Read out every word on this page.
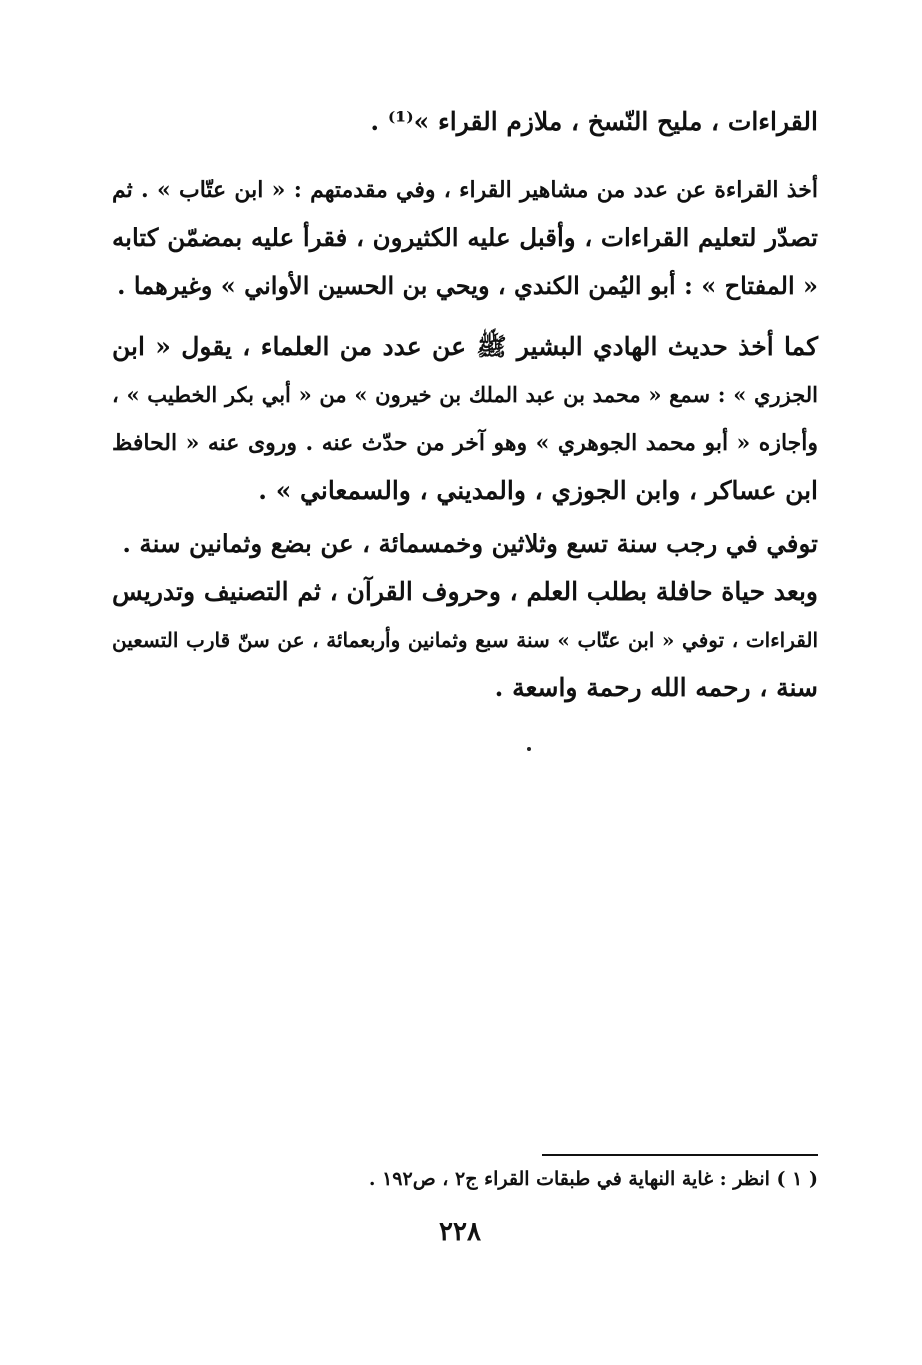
القراءات ، مليح النّسخ ، ملازم القراء »⁽¹⁾ .
أخذ القراءة عن عدد من مشاهير القراء ، وفي مقدمتهم : « ابن عتّاب » . ثم
تصدّر لتعليم القراءات ، وأقبل عليه الكثيرون ، فقرأ عليه بمضمّن كتابه
« المفتاح » : أبو اليُمن الكندي ، ويحي بن الحسين الأواني » وغيرهما .
كما أخذ حديث الهادي البشير ﷺ عن عدد من العلماء ، يقول « ابن
الجزري » : سمع « محمد بن عبد الملك بن خيرون » من « أبي بكر الخطيب » ،
وأجازه « أبو محمد الجوهري » وهو آخر من حدّث عنه . وروى عنه « الحافظ
ابن عساكر ، وابن الجوزي ، والمديني ، والسمعاني » .
توفي في رجب سنة تسع وثلاثين وخمسمائة ، عن بضع وثمانين سنة .
وبعد حياة حافلة بطلب العلم ، وحروف القرآن ، ثم التصنيف وتدريس
القراءات ، توفي « ابن عتّاب » سنة سبع وثمانين وأربعمائة ، عن سنّ قارب التسعين
سنة ، رحمه الله رحمة واسعة .
( ١ ) انظر : غاية النهاية في طبقات القراء ج٢ ، ص١٩٢ .
٢٢٨
